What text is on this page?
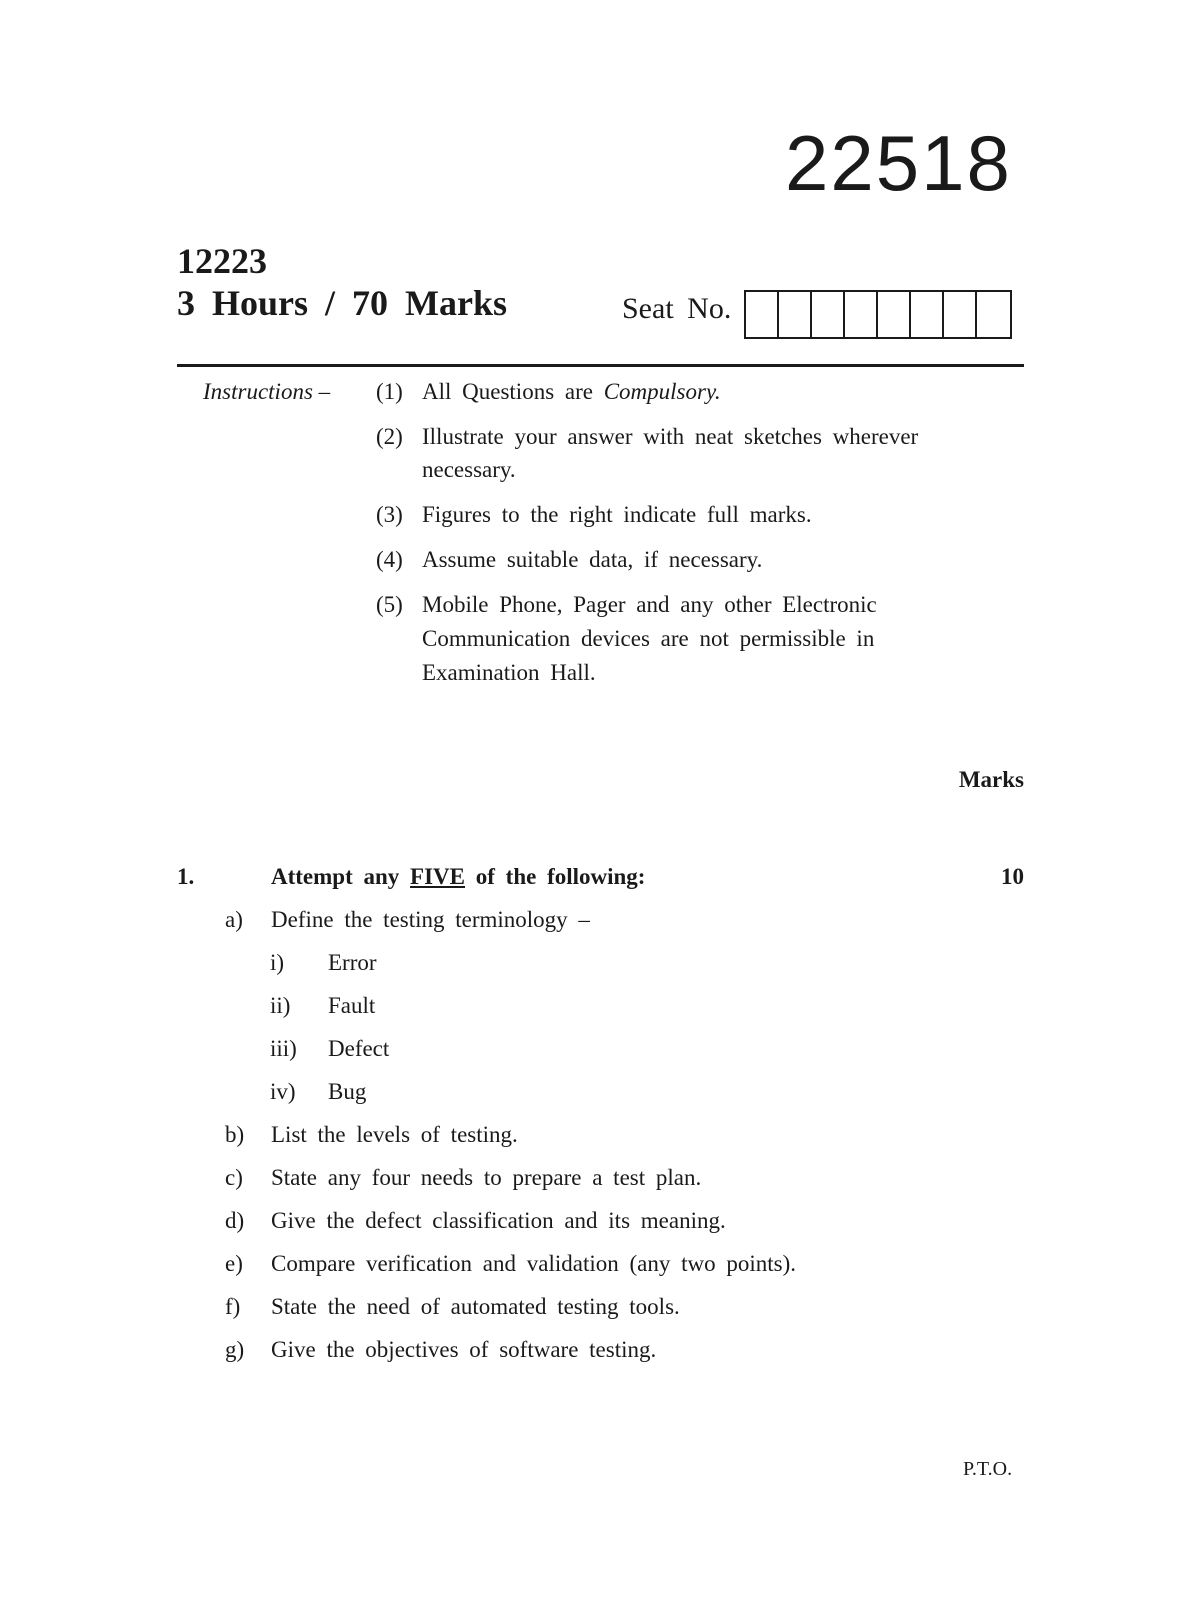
22518
12223
3 Hours / 70 Marks	Seat No.
Instructions – (1) All Questions are Compulsory.
(2) Illustrate your answer with neat sketches wherever
necessary.
(3) Figures to the right indicate full marks.
(4) Assume suitable data, if necessary.
(5) Mobile Phone, Pager and any other Electronic
Communication devices are not permissible in
Examination Hall.
Marks
1.	Attempt any FIVE of the following:	10
a) Define the testing terminology –
i) Error
ii) Fault
iii) Defect
iv) Bug
b) List the levels of testing.
c) State any four needs to prepare a test plan.
d) Give the defect classification and its meaning.
e) Compare verification and validation (any two points).
f) State the need of automated testing tools.
g) Give the objectives of software testing.
P.T.O.
